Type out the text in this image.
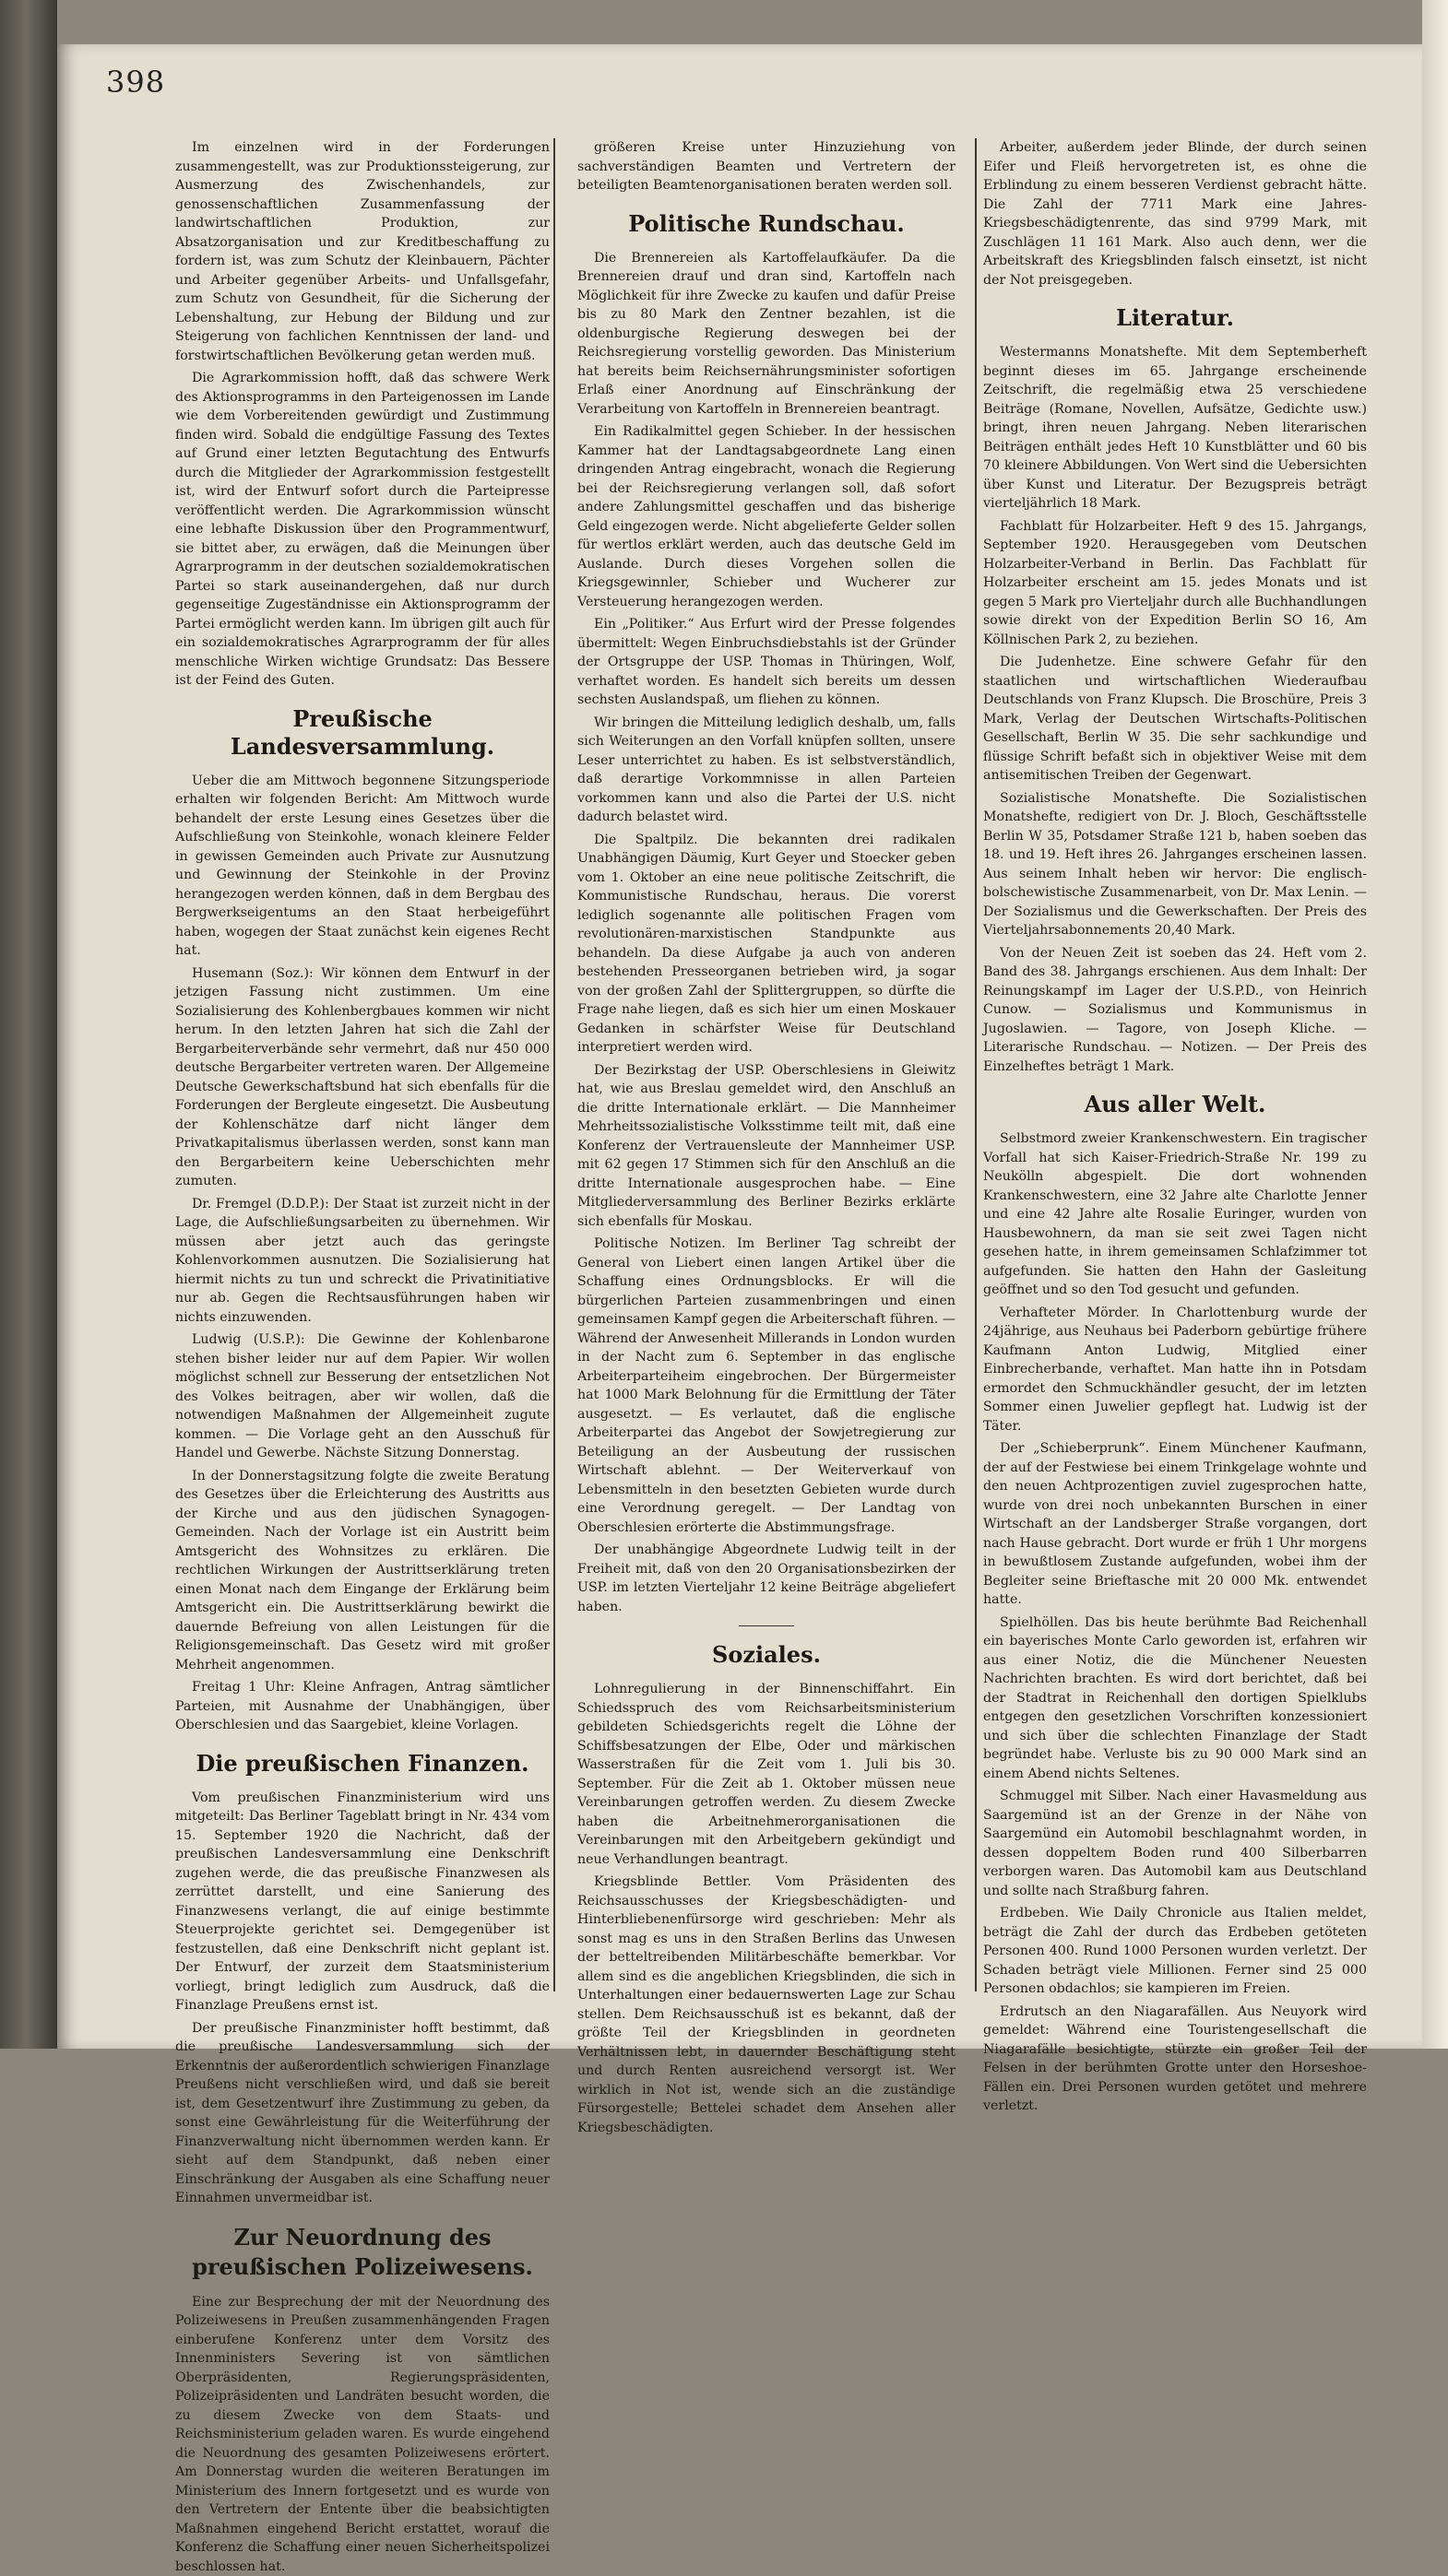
398

Im einzelnen wird in der Forderungen zusammengestellt, was zur Produktionssteigerung, zur Ausmerzung des Zwischenhandels, zur genossenschaftlichen Zusammenfassung der landwirtschaftlichen Produktion, zur Absatzorganisation und zur Kreditbeschaffung zu fordern ist, was zum Schutz der Kleinbauern, Pächter und Arbeiter gegenüber Arbeits- und Unfallsgefahr, zum Schutz von Gesundheit, für die Sicherung der Lebenshaltung, zur Hebung der Bildung und zur Steigerung von fachlichen Kenntnissen der land- und forstwirtschaftlichen Bevölkerung getan werden muß.

Die Agrarkommission hofft, daß das schwere Werk des Aktionsprogramms in den Parteigenossen im Lande wie dem Vorbereitenden gewürdigt und Zustimmung finden wird. Sobald die endgültige Fassung des Textes auf Grund einer letzten Begutachtung des Entwurfs durch die Mitglieder der Agrarkommission festgestellt ist, wird der Entwurf sofort durch die Parteipresse veröffentlicht werden. Die Agrarkommission wünscht eine lebhafte Diskussion über den Programmentwurf, sie bittet aber, zu erwägen, daß die Meinungen über Agrarprogramm in der deutschen sozialdemokratischen Partei so stark auseinandergehen, daß nur durch gegenseitige Zugeständnisse ein Aktionsprogramm der Partei ermöglicht werden kann. Im übrigen gilt auch für ein sozialdemokratisches Agrarprogramm der für alles menschliche Wirken wichtige Grundsatz: Das Bessere ist der Feind des Guten.

Preußische Landesversammlung.

Ueber die am Mittwoch begonnene Sitzungsperiode erhalten wir folgenden Bericht: Am Mittwoch wurde behandelt der erste Lesung eines Gesetzes über die Aufschließung von Steinkohle, wonach kleinere Felder in gewissen Gemeinden auch Private zur Ausnutzung und Gewinnung der Steinkohle in der Provinz herangezogen werden können, daß in dem Bergbau des Bergwerkseigentums an den Staat herbeigeführt haben, wogegen der Staat zunächst kein eigenes Recht hat.

Husemann (Soz.): Wir können dem Entwurf in der jetzigen Fassung nicht zustimmen. Um eine Sozialisierung des Kohlenbergbaues kommen wir nicht herum. In den letzten Jahren hat sich die Zahl der Bergarbeiterverbände sehr vermehrt, daß nur 450 000 deutsche Bergarbeiter vertreten waren. Der Allgemeine Deutsche Gewerkschaftsbund hat sich ebenfalls für die Forderungen der Bergleute eingesetzt. Die Ausbeutung der Kohlenschätze darf nicht länger dem Privatkapitalismus überlassen werden, sonst kann man den Bergarbeitern keine Ueberschichten mehr zumuten.

Dr. Fremgel (D.D.P.): Der Staat ist zurzeit nicht in der Lage, die Aufschließungsarbeiten zu übernehmen. Wir müssen aber jetzt auch das geringste Kohlenvorkommen ausnutzen. Die Sozialisierung hat hiermit nichts zu tun und schreckt die Privatinitiative nur ab. Gegen die Rechtsausführungen haben wir nichts einzuwenden.

Ludwig (U.S.P.): Die Gewinne der Kohlenbarone stehen bisher leider nur auf dem Papier. Wir wollen möglichst schnell zur Besserung der entsetzlichen Not des Volkes beitragen, aber wir wollen, daß die notwendigen Maßnahmen der Allgemeinheit zugute kommen. — Die Vorlage geht an den Ausschuß für Handel und Gewerbe. Nächste Sitzung Donnerstag.

In der Donnerstagsitzung folgte die zweite Beratung des Gesetzes über die Erleichterung des Austritts aus der Kirche und aus den jüdischen Synagogen-Gemeinden. Nach der Vorlage ist ein Austritt beim Amtsgericht des Wohnsitzes zu erklären. Die rechtlichen Wirkungen der Austrittserklärung treten einen Monat nach dem Eingange der Erklärung beim Amtsgericht ein. Die Austrittserklärung bewirkt die dauernde Befreiung von allen Leistungen für die Religionsgemeinschaft. Das Gesetz wird mit großer Mehrheit angenommen.

Freitag 1 Uhr: Kleine Anfragen, Antrag sämtlicher Parteien, mit Ausnahme der Unabhängigen, über Oberschlesien und das Saargebiet, kleine Vorlagen.

Die preußischen Finanzen.

Vom preußischen Finanzministerium wird uns mitgeteilt: Das Berliner Tageblatt bringt in Nr. 434 vom 15. September 1920 die Nachricht, daß der preußischen Landesversammlung eine Denkschrift zugehen werde, die das preußische Finanzwesen als zerrüttet darstellt, und eine Sanierung des Finanzwesens verlangt, die auf einige bestimmte Steuerprojekte gerichtet sei. Demgegenüber ist festzustellen, daß eine Denkschrift nicht geplant ist. Der Entwurf, der zurzeit dem Staatsministerium vorliegt, bringt lediglich zum Ausdruck, daß die Finanzlage Preußens ernst ist.

Der preußische Finanzminister hofft bestimmt, daß die preußische Landesversammlung sich der Erkenntnis der außerordentlich schwierigen Finanzlage Preußens nicht verschließen wird, und daß sie bereit ist, dem Gesetzentwurf ihre Zustimmung zu geben, da sonst eine Gewährleistung für die Weiterführung der Finanzverwaltung nicht übernommen werden kann. Er sieht auf dem Standpunkt, daß neben einer Einschränkung der Ausgaben als eine Schaffung neuer Einnahmen unvermeidbar ist.

Zur Neuordnung des preußischen Polizeiwesens.

Eine zur Besprechung der mit der Neuordnung des Polizeiwesens in Preußen zusammenhängenden Fragen einberufene Konferenz unter dem Vorsitz des Innenministers Severing ist von sämtlichen Oberpräsidenten, Regierungspräsidenten, Polizeipräsidenten und Landräten besucht worden, die zu diesem Zwecke von dem Staats- und Reichsministerium geladen waren. Es wurde eingehend die Neuordnung des gesamten Polizeiwesens erörtert. Am Donnerstag wurden die weiteren Beratungen im Ministerium des Innern fortgesetzt und es wurde von den Vertretern der Entente über die beabsichtigten Maßnahmen eingehend Bericht erstattet, worauf die Konferenz die Schaffung einer neuen Sicherheitspolizei beschlossen hat.

größeren Kreise unter Hinzuziehung von sachverständigen Beamten und Vertretern der beteiligten Beamtenorganisationen beraten werden soll.

Politische Rundschau.

Die Brennereien als Kartoffelaufkäufer. Da die Brennereien drauf und dran sind, Kartoffeln nach Möglichkeit für ihre Zwecke zu kaufen und dafür Preise bis zu 80 Mark den Zentner bezahlen, ist die oldenburgische Regierung deswegen bei der Reichsregierung vorstellig geworden. Das Ministerium hat bereits beim Reichsernährungsminister sofortigen Erlaß einer Anordnung auf Einschränkung der Verarbeitung von Kartoffeln in Brennereien beantragt.

Ein Radikalmittel gegen Schieber. In der hessischen Kammer hat der Landtagsabgeordnete Lang einen dringenden Antrag eingebracht, wonach die Regierung bei der Reichsregierung verlangen soll, daß sofort andere Zahlungsmittel geschaffen und das bisherige Geld eingezogen werde. Nicht abgelieferte Gelder sollen für wertlos erklärt werden, auch das deutsche Geld im Auslande. Durch dieses Vorgehen sollen die Kriegsgewinnler, Schieber und Wucherer zur Versteuerung herangezogen werden.

Ein „Politiker.“ Aus Erfurt wird der Presse folgendes übermittelt: Wegen Einbruchsdiebstahls ist der Gründer der Ortsgruppe der USP. Thomas in Thüringen, Wolf, verhaftet worden. Es handelt sich bereits um dessen sechsten Auslandspaß, um fliehen zu können.

Wir bringen die Mitteilung lediglich deshalb, um, falls sich Weiterungen an den Vorfall knüpfen sollten, unsere Leser unterrichtet zu haben. Es ist selbstverständlich, daß derartige Vorkommnisse in allen Parteien vorkommen kann und also die Partei der U.S. nicht dadurch belastet wird.

Die Spaltpilz. Die bekannten drei radikalen Unabhängigen Däumig, Kurt Geyer und Stoecker geben vom 1. Oktober an eine neue politische Zeitschrift, die Kommunistische Rundschau, heraus. Die vorerst lediglich sogenannte alle politischen Fragen vom revolutionären-marxistischen Standpunkte aus behandeln. Da diese Aufgabe ja auch von anderen bestehenden Presseorganen betrieben wird, ja sogar von der großen Zahl der Splittergruppen, so dürfte die Frage nahe liegen, daß es sich hier um einen Moskauer Gedanken in schärfster Weise für Deutschland interpretiert werden wird.

Der Bezirkstag der USP. Oberschlesiens in Gleiwitz hat, wie aus Breslau gemeldet wird, den Anschluß an die dritte Internationale erklärt. — Die Mannheimer Mehrheitssozialistische Volksstimme teilt mit, daß eine Konferenz der Vertrauensleute der Mannheimer USP. mit 62 gegen 17 Stimmen sich für den Anschluß an die dritte Internationale ausgesprochen habe. — Eine Mitgliederversammlung des Berliner Bezirks erklärte sich ebenfalls für Moskau.

Politische Notizen. Im Berliner Tag schreibt der General von Liebert einen langen Artikel über die Schaffung eines Ordnungsblocks. Er will die bürgerlichen Parteien zusammenbringen und einen gemeinsamen Kampf gegen die Arbeiterschaft führen. — Während der Anwesenheit Millerands in London wurden in der Nacht zum 6. September in das englische Arbeiterparteiheim eingebrochen. Der Bürgermeister hat 1000 Mark Belohnung für die Ermittlung der Täter ausgesetzt. — Es verlautet, daß die englische Arbeiterpartei das Angebot der Sowjetregierung zur Beteiligung an der Ausbeutung der russischen Wirtschaft ablehnt. — Der Weiterverkauf von Lebensmitteln in den besetzten Gebieten wurde durch eine Verordnung geregelt. — Der Landtag von Oberschlesien erörterte die Abstimmungsfrage.

Der unabhängige Abgeordnete Ludwig teilt in der Freiheit mit, daß von den 20 Organisationsbezirken der USP. im letzten Vierteljahr 12 keine Beiträge abgeliefert haben.

Soziales.

Lohnregulierung in der Binnenschiffahrt. Ein Schiedsspruch des vom Reichsarbeitsministerium gebildeten Schiedsgerichts regelt die Löhne der Schiffsbesatzungen der Elbe, Oder und märkischen Wasserstraßen für die Zeit vom 1. Juli bis 30. September. Für die Zeit ab 1. Oktober müssen neue Vereinbarungen getroffen werden. Zu diesem Zwecke haben die Arbeitnehmerorganisationen die Vereinbarungen mit den Arbeitgebern gekündigt und neue Verhandlungen beantragt.

Kriegsblinde Bettler. Vom Präsidenten des Reichsausschusses der Kriegsbeschädigten- und Hinterbliebenenfürsorge wird geschrieben: Mehr als sonst mag es uns in den Straßen Berlins das Unwesen der betteltreibenden Militärbeschäfte bemerkbar. Vor allem sind es die angeblichen Kriegsblinden, die sich in Unterhaltungen einer bedauernswerten Lage zur Schau stellen. Dem Reichsausschuß ist es bekannt, daß der größte Teil der Kriegsblinden in geordneten Verhältnissen lebt, in dauernder Beschäftigung steht und durch Renten ausreichend versorgt ist. Wer wirklich in Not ist, wende sich an die zuständige Fürsorgestelle; Bettelei schadet dem Ansehen aller Kriegsbeschädigten.

Arbeiter, außerdem jeder Blinde, der durch seinen Eifer und Fleiß hervorgetreten ist, es ohne die Erblindung zu einem besseren Verdienst gebracht hätte. Die Zahl der 7711 Mark eine Jahres-Kriegsbeschädigtenrente, das sind 9799 Mark, mit Zuschlägen 11 161 Mark. Also auch denn, wer die Arbeitskraft des Kriegsblinden falsch einsetzt, ist nicht der Not preisgegeben.

Literatur.

Westermanns Monatshefte. Mit dem Septemberheft beginnt dieses im 65. Jahrgange erscheinende Zeitschrift, die regelmäßig etwa 25 verschiedene Beiträge (Romane, Novellen, Aufsätze, Gedichte usw.) bringt, ihren neuen Jahrgang. Neben literarischen Beiträgen enthält jedes Heft 10 Kunstblätter und 60 bis 70 kleinere Abbildungen. Von Wert sind die Uebersichten über Kunst und Literatur. Der Bezugspreis beträgt vierteljährlich 18 Mark.

Fachblatt für Holzarbeiter. Heft 9 des 15. Jahrgangs, September 1920. Herausgegeben vom Deutschen Holzarbeiter-Verband in Berlin. Das Fachblatt für Holzarbeiter erscheint am 15. jedes Monats und ist gegen 5 Mark pro Vierteljahr durch alle Buchhandlungen sowie direkt von der Expedition Berlin SO 16, Am Köllnischen Park 2, zu beziehen.

Die Judenhetze. Eine schwere Gefahr für den staatlichen und wirtschaftlichen Wiederaufbau Deutschlands von Franz Klupsch. Die Broschüre, Preis 3 Mark, Verlag der Deutschen Wirtschafts-Politischen Gesellschaft, Berlin W 35. Die sehr sachkundige und flüssige Schrift befaßt sich in objektiver Weise mit dem antisemitischen Treiben der Gegenwart.

Sozialistische Monatshefte. Die Sozialistischen Monatshefte, redigiert von Dr. J. Bloch, Geschäftsstelle Berlin W 35, Potsdamer Straße 121 b, haben soeben das 18. und 19. Heft ihres 26. Jahrganges erscheinen lassen. Aus seinem Inhalt heben wir hervor: Die englisch-bolschewistische Zusammenarbeit, von Dr. Max Lenin. — Der Sozialismus und die Gewerkschaften. Der Preis des Vierteljahrsabonnements 20,40 Mark.

Von der Neuen Zeit ist soeben das 24. Heft vom 2. Band des 38. Jahrgangs erschienen. Aus dem Inhalt: Der Reinungskampf im Lager der U.S.P.D., von Heinrich Cunow. — Sozialismus und Kommunismus in Jugoslawien. — Tagore, von Joseph Kliche. — Literarische Rundschau. — Notizen. — Der Preis des Einzelheftes beträgt 1 Mark.

Aus aller Welt.

Selbstmord zweier Krankenschwestern. Ein tragischer Vorfall hat sich Kaiser-Friedrich-Straße Nr. 199 zu Neukölln abgespielt. Die dort wohnenden Krankenschwestern, eine 32 Jahre alte Charlotte Jenner und eine 42 Jahre alte Rosalie Euringer, wurden von Hausbewohnern, da man sie seit zwei Tagen nicht gesehen hatte, in ihrem gemeinsamen Schlafzimmer tot aufgefunden. Sie hatten den Hahn der Gasleitung geöffnet und so den Tod gesucht und gefunden.

Verhafteter Mörder. In Charlottenburg wurde der 24jährige, aus Neuhaus bei Paderborn gebürtige frühere Kaufmann Anton Ludwig, Mitglied einer Einbrecherbande, verhaftet. Man hatte ihn in Potsdam ermordet den Schmuckhändler gesucht, der im letzten Sommer einen Juwelier gepflegt hat. Ludwig ist der Täter.

Der „Schieberprunk“. Einem Münchener Kaufmann, der auf der Festwiese bei einem Trinkgelage wohnte und den neuen Achtprozentigen zuviel zugesprochen hatte, wurde von drei noch unbekannten Burschen in einer Wirtschaft an der Landsberger Straße vorgangen, dort nach Hause gebracht. Dort wurde er früh 1 Uhr morgens in bewußtlosem Zustande aufgefunden, wobei ihm der Begleiter seine Brieftasche mit 20 000 Mk. entwendet hatte.

Spielhöllen. Das bis heute berühmte Bad Reichenhall ein bayerisches Monte Carlo geworden ist, erfahren wir aus einer Notiz, die die Münchener Neuesten Nachrichten brachten. Es wird dort berichtet, daß bei der Stadtrat in Reichenhall den dortigen Spielklubs entgegen den gesetzlichen Vorschriften konzessioniert und sich über die schlechten Finanzlage der Stadt begründet habe. Verluste bis zu 90 000 Mark sind an einem Abend nichts Seltenes.

Schmuggel mit Silber. Nach einer Havasmeldung aus Saargemünd ist an der Grenze in der Nähe von Saargemünd ein Automobil beschlagnahmt worden, in dessen doppeltem Boden rund 400 Silberbarren verborgen waren. Das Automobil kam aus Deutschland und sollte nach Straßburg fahren.

Erdbeben. Wie Daily Chronicle aus Italien meldet, beträgt die Zahl der durch das Erdbeben getöteten Personen 400. Rund 1000 Personen wurden verletzt. Der Schaden beträgt viele Millionen. Ferner sind 25 000 Personen obdachlos; sie kampieren im Freien.

Erdrutsch an den Niagarafällen. Aus Neuyork wird gemeldet: Während eine Touristengesellschaft die Niagarafälle besichtigte, stürzte ein großer Teil der Felsen in der berühmten Grotte unter den Horseshoe-Fällen ein. Drei Personen wurden getötet und mehrere verletzt.
